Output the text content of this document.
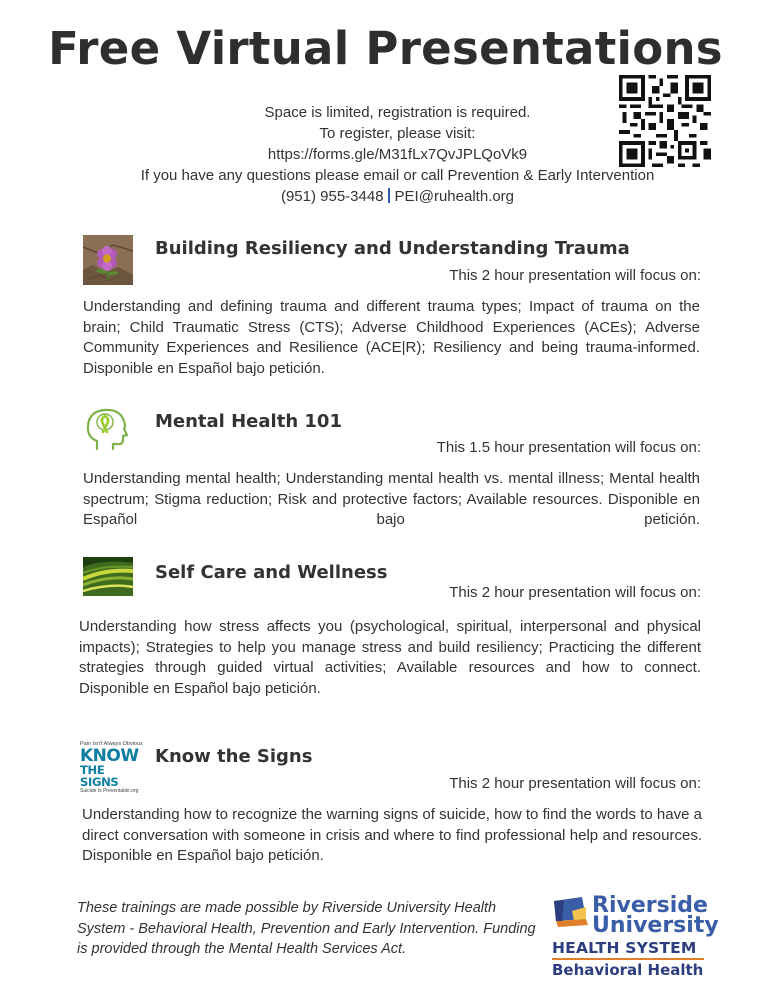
Free Virtual Presentations
Space is limited, registration is required.
To register, please visit:
https://forms.gle/M31fLx7QvJPLQoVk9
If you have any questions please email or call Prevention & Early Intervention
(951) 955-3448 PEI@ruhealth.org
Building Resiliency and Understanding Trauma
This 2 hour presentation will focus on:

Understanding and defining trauma and different trauma types; Impact of trauma on the brain; Child Traumatic Stress (CTS); Adverse Childhood Experiences (ACEs); Adverse Community Experiences and Resilience (ACE|R); Resiliency and being trauma-informed. Disponible en Español bajo petición.

Mental Health 101
This 1.5 hour presentation will focus on:

Understanding mental health; Understanding mental health vs. mental illness; Mental health spectrum; Stigma reduction; Risk and protective factors; Available resources. Disponible en Español bajo petición.

Self Care and Wellness
This 2 hour presentation will focus on:

Understanding how stress affects you (psychological, spiritual, interpersonal and physical impacts); Strategies to help you manage stress and build resiliency; Practicing the different strategies through guided virtual activities; Available resources and how to connect. Disponible en Español bajo petición.

Pain Isn't Always Obvious
KNOW
THE SIGNS
Suicide Is Preventable.org
Know the Signs
This 2 hour presentation will focus on:

Understanding how to recognize the warning signs of suicide, how to find the words to have a direct conversation with someone in crisis and where to find professional help and resources. Disponible en Español bajo petición.

These trainings are made possible by Riverside University Health System - Behavioral Health, Prevention and Early Intervention. Funding is provided through the Mental Health Services Act.
Riverside
University
HEALTH SYSTEM
Behavioral Health
